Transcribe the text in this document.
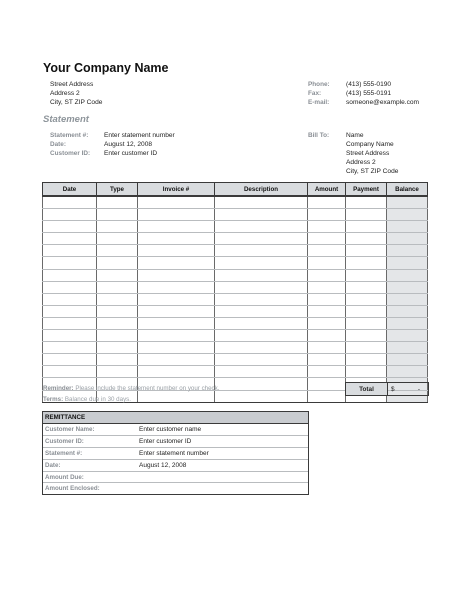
Your Company Name
Street Address
Address 2
City, ST ZIP Code
Phone: (413) 555-0190
Fax:	(413) 555-0191
E-mail:	someone@example.com
Statement
Statement #: Enter statement number
Date:	August 12, 2008
Customer ID: Enter customer ID
Bill To:	Name
Company Name
Street Address
Address 2
City, ST ZIP Code
Date	Type	Invoice #	Description	Amount	Payment	Balance

Reminder: Please include the statement number on your check.
Terms: Balance due in 30 days.
Total	$	-
REMITTANCE
Customer Name:	Enter customer name
Customer ID:	Enter customer ID
Statement #:	Enter statement number
Date:	August 12, 2008
Amount Due:
Amount Enclosed:
